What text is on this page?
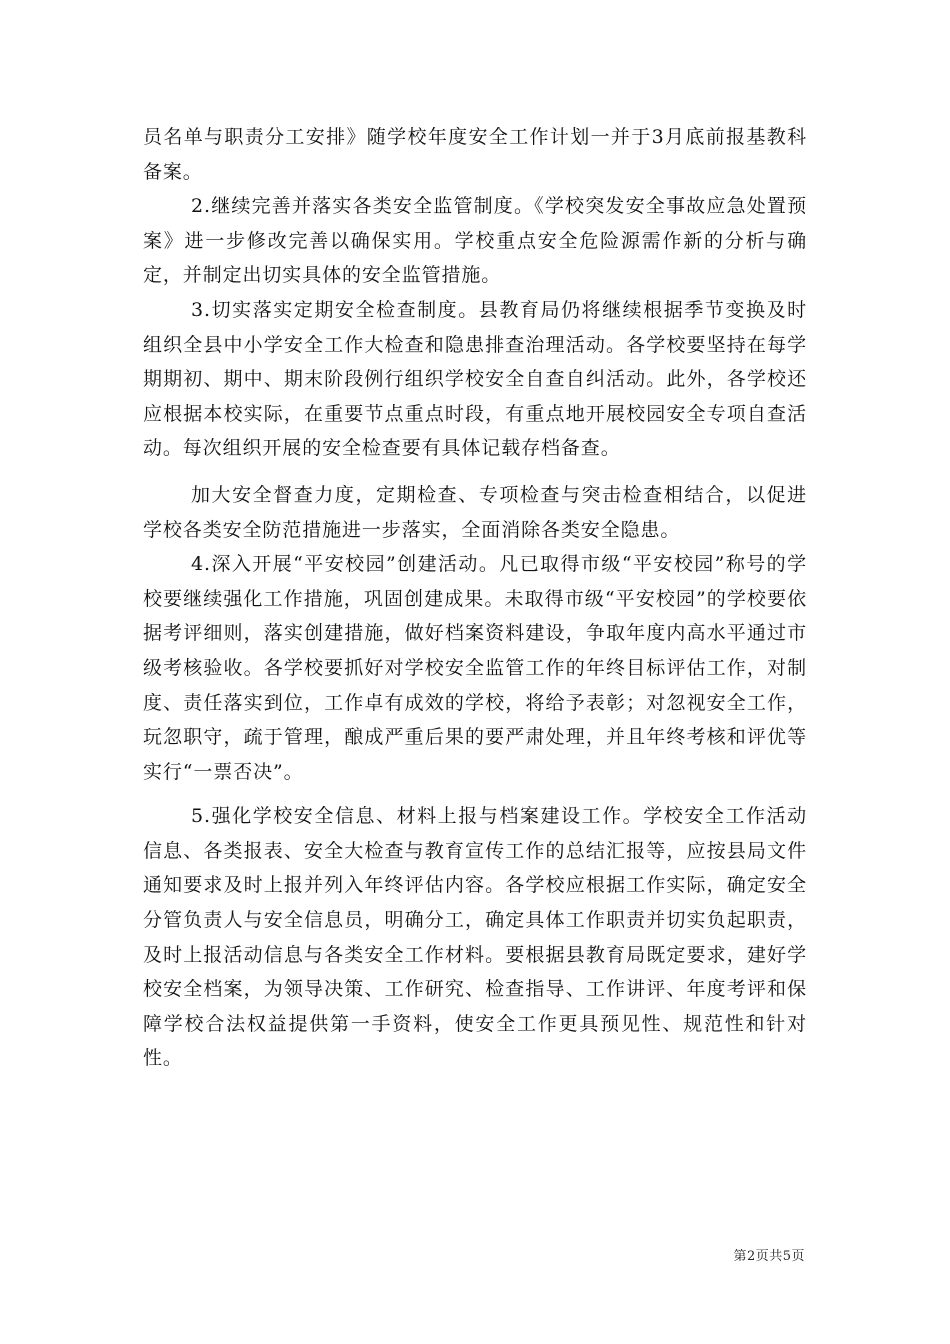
员名单与职责分工安排》随学校年度安全工作计划一并于3月底前报基教科备案。

2.继续完善并落实各类安全监管制度。《学校突发安全事故应急处置预案》进一步修改完善以确保实用。学校重点安全危险源需作新的分析与确定，并制定出切实具体的安全监管措施。

3.切实落实定期安全检查制度。县教育局仍将继续根据季节变换及时组织全县中小学安全工作大检查和隐患排查治理活动。各学校要坚持在每学期期初、期中、期末阶段例行组织学校安全自查自纠活动。此外，各学校还应根据本校实际，在重要节点重点时段，有重点地开展校园安全专项自查活动。每次组织开展的安全检查要有具体记载存档备查。

加大安全督查力度，定期检查、专项检查与突击检查相结合，以促进学校各类安全防范措施进一步落实，全面消除各类安全隐患。

4.深入开展“平安校园”创建活动。凡已取得市级“平安校园”称号的学校要继续强化工作措施，巩固创建成果。未取得市级“平安校园”的学校要依据考评细则，落实创建措施，做好档案资料建设，争取年度内高水平通过市级考核验收。各学校要抓好对学校安全监管工作的年终目标评估工作，对制度、责任落实到位，工作卓有成效的学校，将给予表彰；对忽视安全工作，玩忽职守，疏于管理，酿成严重后果的要严肃处理，并且年终考核和评优等实行“一票否决”。

5.强化学校安全信息、材料上报与档案建设工作。学校安全工作活动信息、各类报表、安全大检查与教育宣传工作的总结汇报等，应按县局文件通知要求及时上报并列入年终评估内容。各学校应根据工作实际，确定安全分管负责人与安全信息员，明确分工，确定具体工作职责并切实负起职责，及时上报活动信息与各类安全工作材料。要根据县教育局既定要求，建好学校安全档案，为领导决策、工作研究、检查指导、工作讲评、年度考评和保障学校合法权益提供第一手资料，使安全工作更具预见性、规范性和针对性。

第2页共5页
